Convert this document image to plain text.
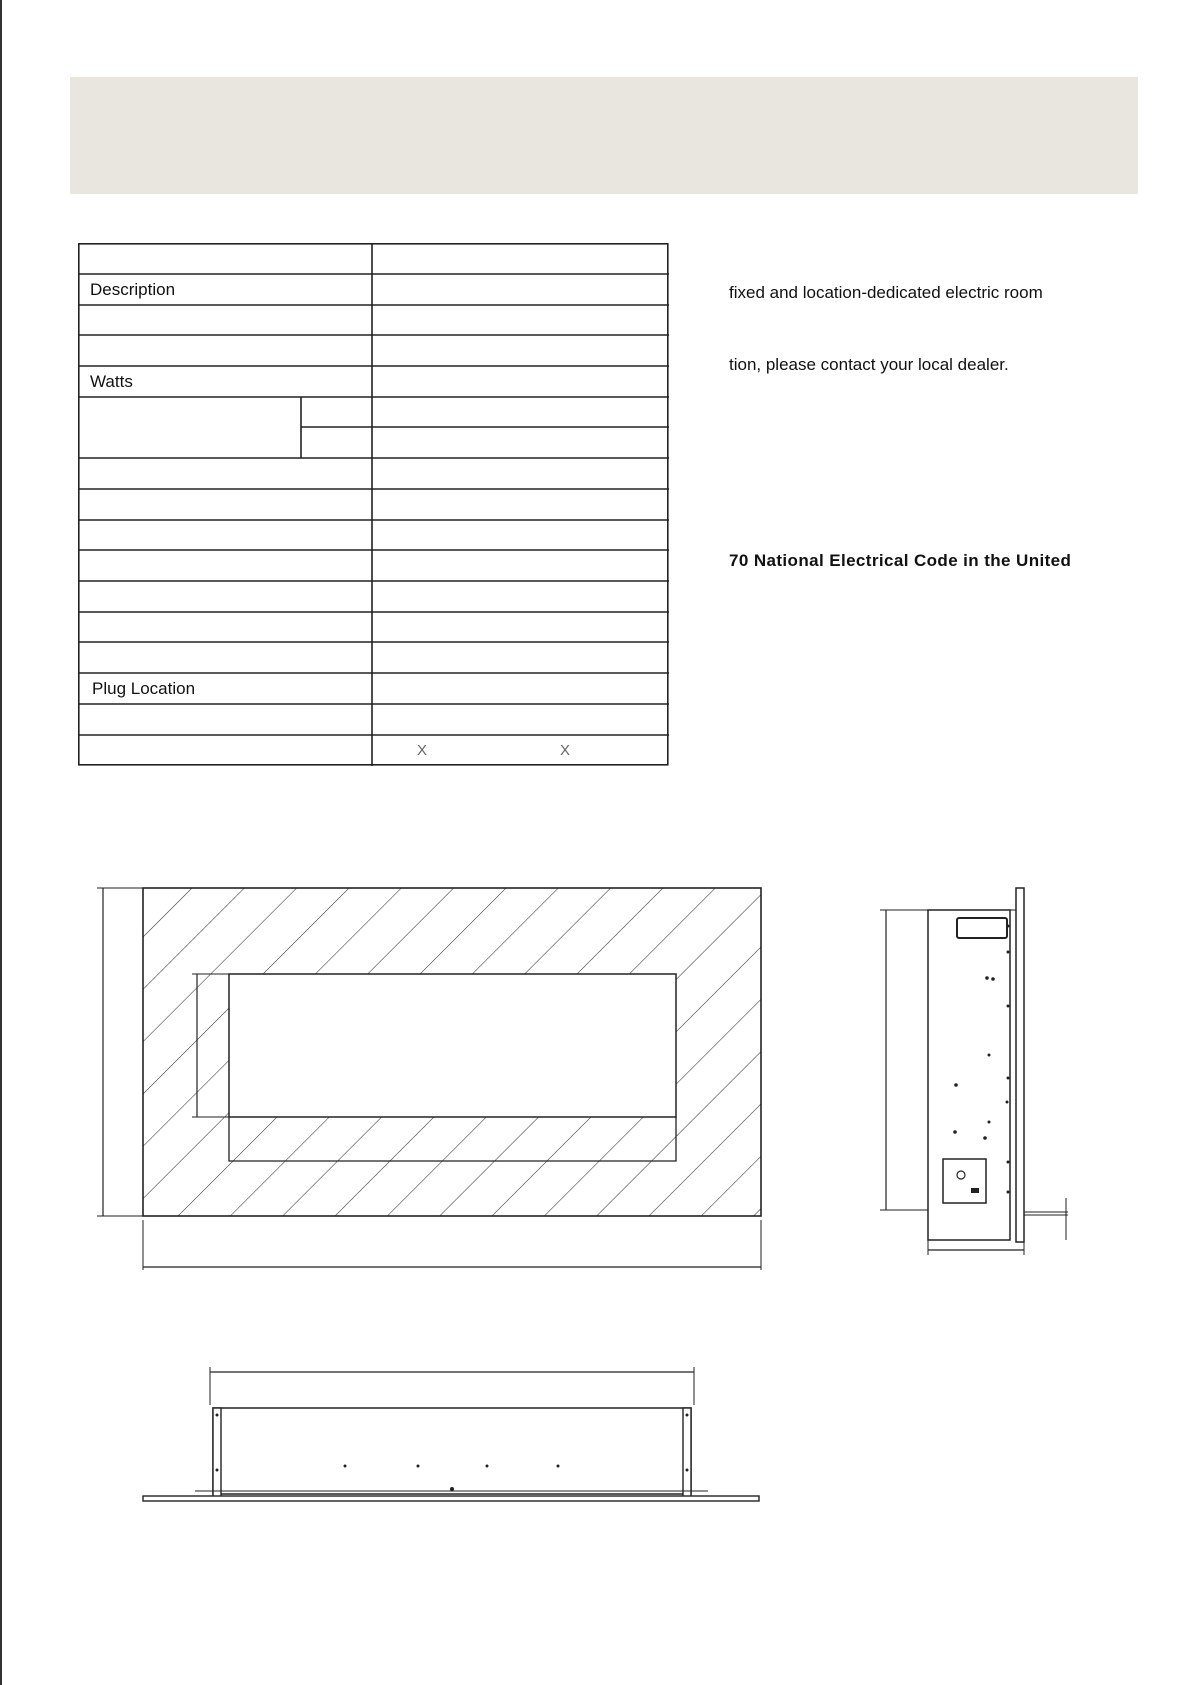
Description
Watts
Plug Location
X	X
fixed and location-dedicated electric room
tion, please contact your local dealer.
70 National Electrical Code in the United
